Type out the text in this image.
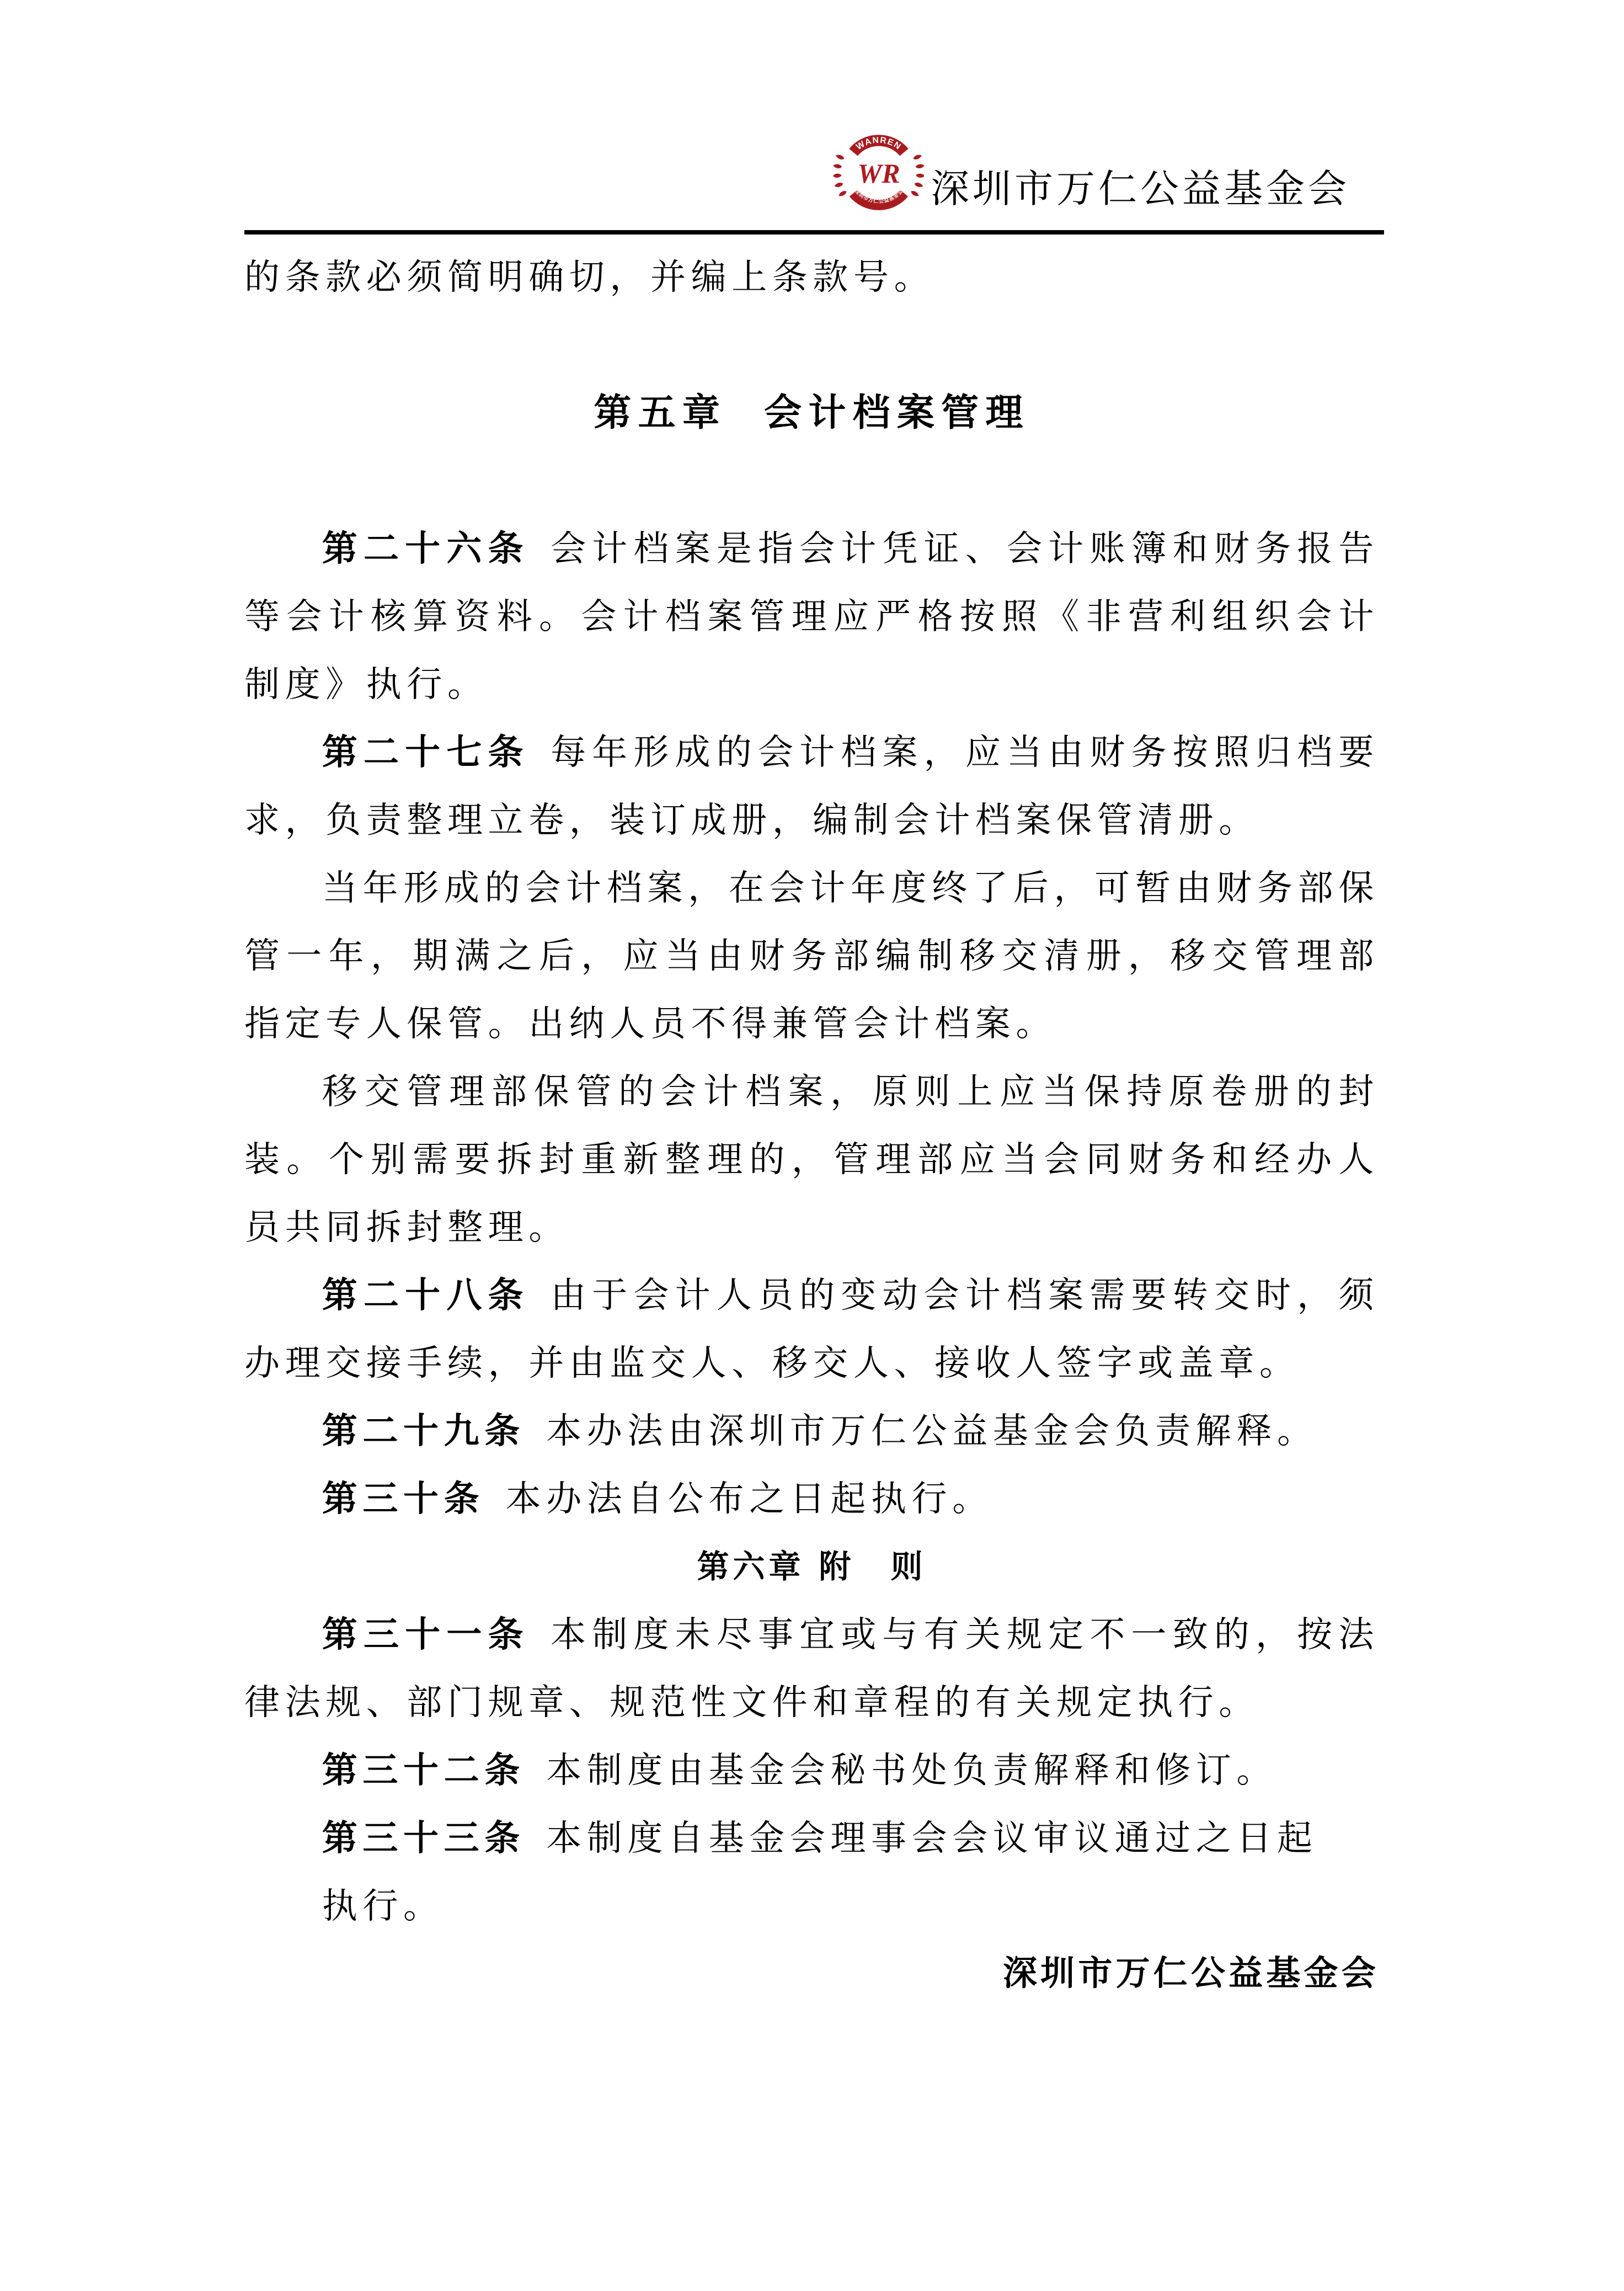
WANREN
深圳市万仁公益基金会
WR 深圳市万仁公益基金会

的条款必须简明确切，并编上条款号。

第五章 会计档案管理

第二十六条 会计档案是指会计凭证、会计账簿和财务报告等会计核算资料。会计档案管理应严格按照《非营利组织会计制度》执行。

第二十七条 每年形成的会计档案，应当由财务按照归档要求，负责整理立卷，装订成册，编制会计档案保管清册。

当年形成的会计档案，在会计年度终了后，可暂由财务部保管一年，期满之后，应当由财务部编制移交清册，移交管理部指定专人保管。出纳人员不得兼管会计档案。

移交管理部保管的会计档案，原则上应当保持原卷册的封装。个别需要拆封重新整理的，管理部应当会同财务和经办人员共同拆封整理。

第二十八条 由于会计人员的变动会计档案需要转交时，须办理交接手续，并由监交人、移交人、接收人签字或盖章。

第二十九条 本办法由深圳市万仁公益基金会负责解释。

第三十条 本办法自公布之日起执行。

第六章 附　则

第三十一条 本制度未尽事宜或与有关规定不一致的，按法律法规、部门规章、规范性文件和章程的有关规定执行。

第三十二条 本制度由基金会秘书处负责解释和修订。

第三十三条 本制度自基金会理事会会议审议通过之日起

执行。

深圳市万仁公益基金会
